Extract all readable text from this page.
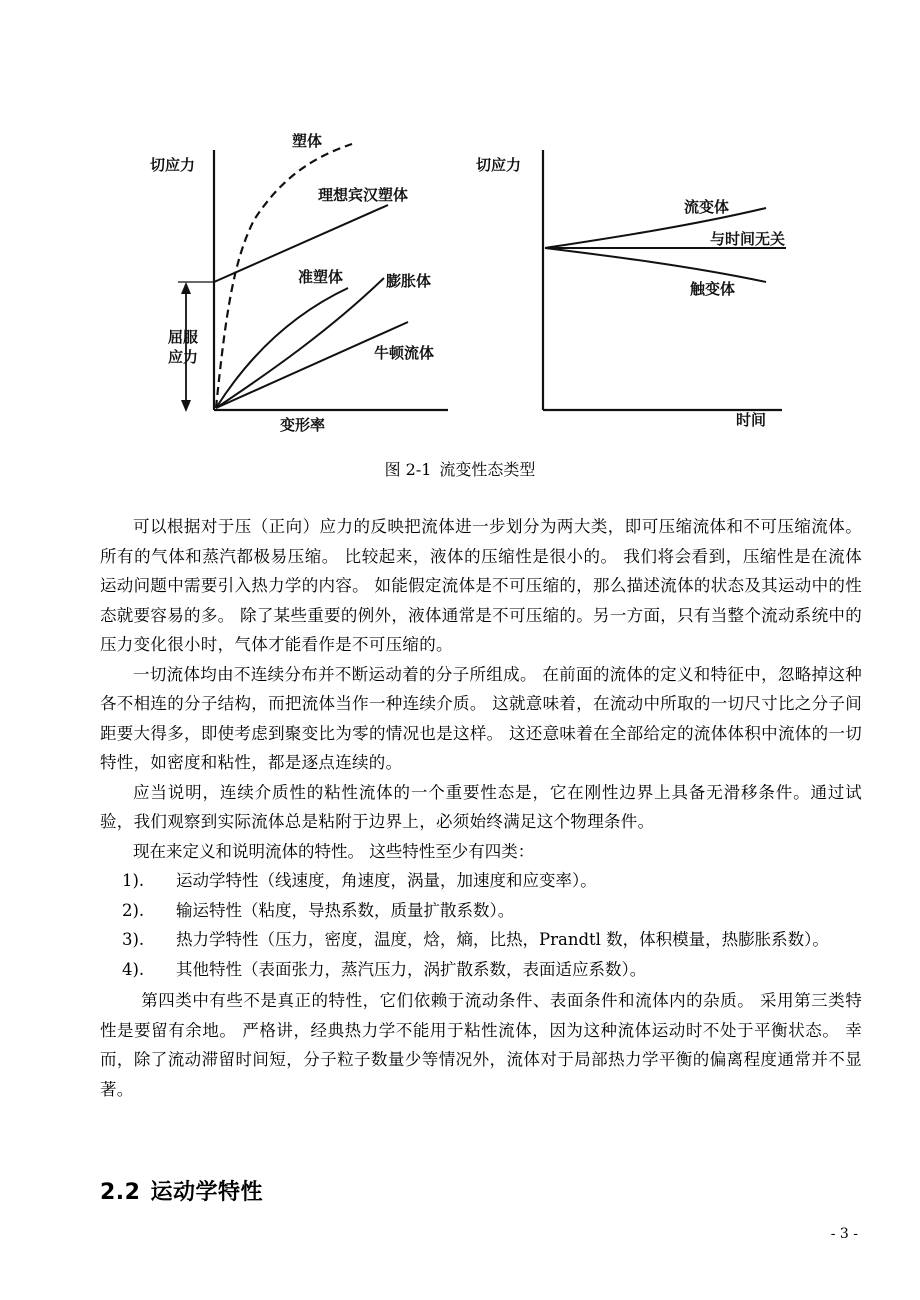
切应力
变形率
屈服
应力
塑体
理想宾汉塑体
准塑体	膨胀体
牛顿流体
切应力
时间
流变体
与时间无关
触变体
图 2-1 流变性态类型

可以根据对于压（正向）应力的反映把流体进一步划分为两大类，即可压缩流体和不可压缩流体。 所有的气体和蒸汽都极易压缩。 比较起来，液体的压缩性是很小的。 我们将会看到，压缩性是在流体运动问题中需要引入热力学的内容。 如能假定流体是不可压缩的，那么描述流体的状态及其运动中的性态就要容易的多。 除了某些重要的例外，液体通常是不可压缩的。另一方面，只有当整个流动系统中的压力变化很小时，气体才能看作是不可压缩的。

一切流体均由不连续分布并不断运动着的分子所组成。 在前面的流体的定义和特征中，忽略掉这种各不相连的分子结构，而把流体当作一种连续介质。 这就意味着，在流动中所取的一切尺寸比之分子间距要大得多，即使考虑到聚变比为零的情况也是这样。 这还意味着在全部给定的流体体积中流体的一切特性，如密度和粘性，都是逐点连续的。

应当说明，连续介质性的粘性流体的一个重要性态是，它在刚性边界上具备无滑移条件。通过试验，我们观察到实际流体总是粘附于边界上，必须始终满足这个物理条件。

现在来定义和说明流体的特性。 这些特性至少有四类：

1).	运动学特性（线速度，角速度，涡量，加速度和应变率）。
2).	输运特性（粘度，导热系数，质量扩散系数）。
3).	热力学特性（压力，密度，温度，焓，熵，比热，Prandtl 数，体积模量，热膨胀系数）。
4).	其他特性（表面张力，蒸汽压力，涡扩散系数，表面适应系数）。

第四类中有些不是真正的特性，它们依赖于流动条件、表面条件和流体内的杂质。 采用第三类特性是要留有余地。 严格讲，经典热力学不能用于粘性流体，因为这种流体运动时不处于平衡状态。 幸而，除了流动滞留时间短，分子粒子数量少等情况外，流体对于局部热力学平衡的偏离程度通常并不显著。

2.2 运动学特性
- 3 -
